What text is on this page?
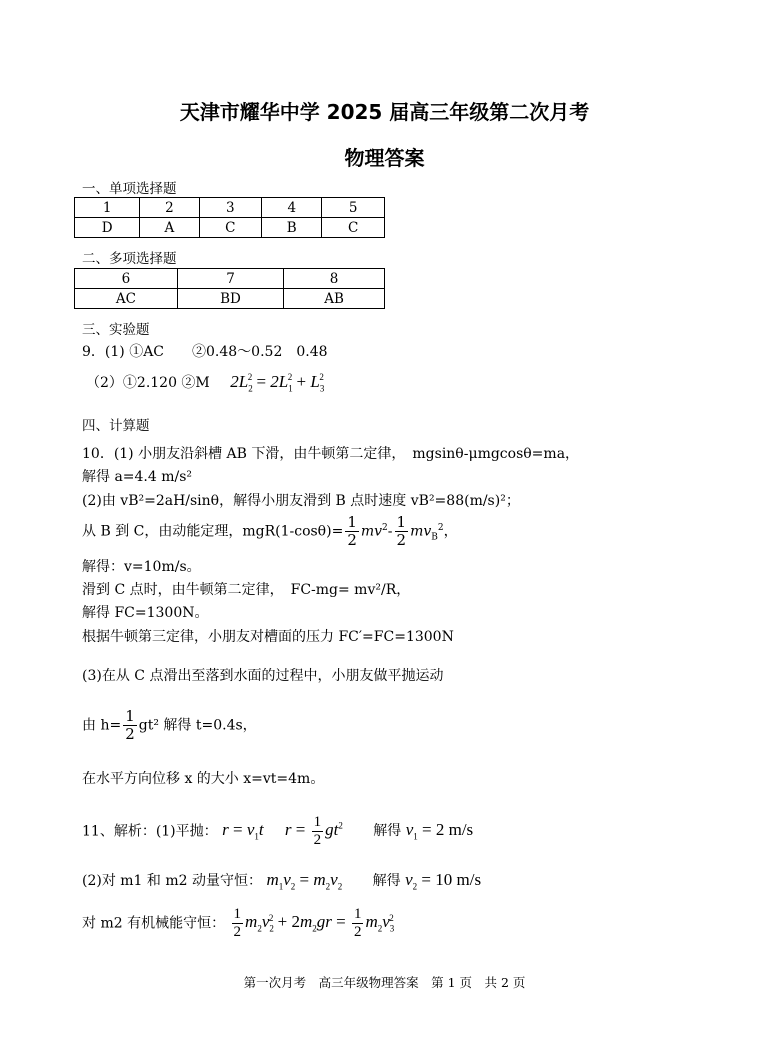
天津市耀华中学 2025 届高三年级第二次月考
物理答案
一、单项选择题
1	2	3	4	5
D	A	C	B	C
二、多项选择题
6	7	8
AC	BD	AB
三、实验题
9．(1) ①AC　　②0.48～0.52　0.48
（2）①2.120 ②M $2L_2^2 = 2L_1^2 + L_3^2$
四、计算题
10．(1) 小朋友沿斜槽 AB 下滑，由牛顿第二定律，　mgsinθ-μmgcosθ=ma，
解得 a=4.4 m/s²
(2)由 vB²=2aH/sinθ，解得小朋友滑到 B 点时速度 vB²=88(m/s)²；
从 B 到 C，由动能定理，$mgR(1-\cos\theta)= \frac{1}{2} mv^2- \frac{1}{2} mv_B^2$，
解得：v=10m/s。
滑到 C 点时，由牛顿第二定律，　FC-mg= mv²/R，
解得 FC=1300N。
根据牛顿第三定律，小朋友对槽面的压力 FC′=FC=1300N
(3)在从 C 点滑出至落到水面的过程中，小朋友做平抛运动
由 $h= \frac{1}{2} gt^2$ 解得 t=0.4s，
在水平方向位移 x 的大小 x=vt=4m。
11、解析：(1)平抛： $r = v_1t$　 $r = \frac{1}{2} gt^2$ 解得 $v_1 = 2$ m/s
(2)对 m1 和 m2 动量守恒： $m_1v_2 = m_2v_2$ 解得 $v_2 = 10$ m/s
对 m2 有机械能守恒： $\frac{1}{2} m_2v_2^2 + 2m_2gr = \frac{1}{2} m_2v_3^2$
第一次月考　高三年级物理答案　第 1 页　共 2 页
